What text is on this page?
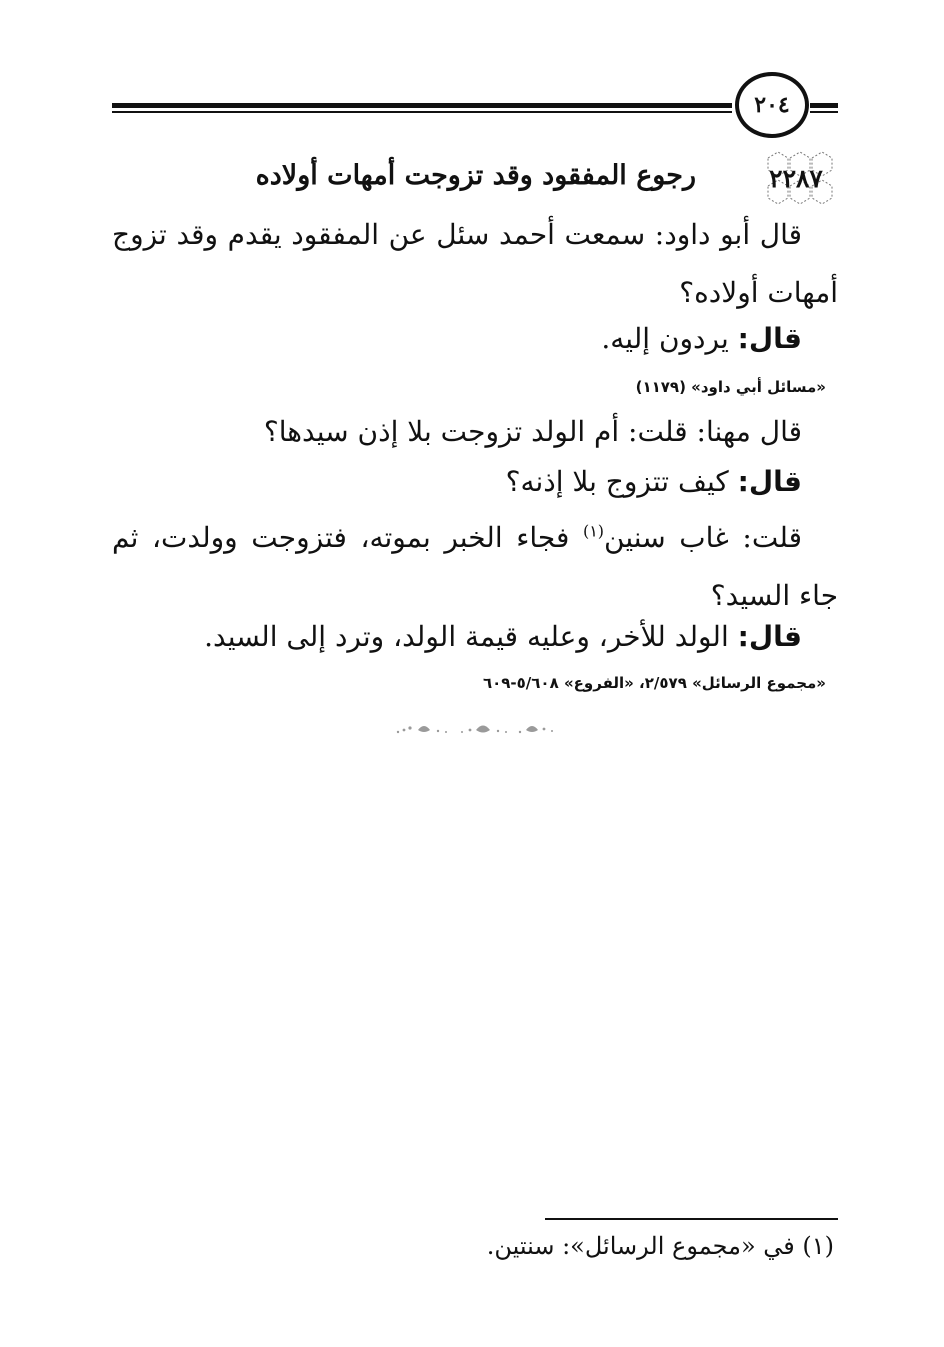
٢٠٤
٢٢٨٧
رجوع المفقود وقد تزوجت أمهات أولاده
قال أبو داود: سمعت أحمد سئل عن المفقود يقدم وقد تزوج أمهات أولاده؟
قال: يردون إليه.
«مسائل أبي داود» (١١٧٩)
قال مهنا: قلت: أم الولد تزوجت بلا إذن سيدها؟
قال: كيف تتزوج بلا إذنه؟
قلت: غاب سنين$^{(١)}$ فجاء الخبر بموته، فتزوجت وولدت، ثم جاء السيد؟
قال: الولد للأخر، وعليه قيمة الولد، وترد إلى السيد.
«مجموع الرسائل» ٢/٥٧٩، «الفروع» ٥/٦٠٨-٦٠٩
(١) في «مجموع الرسائل»: سنتين.
